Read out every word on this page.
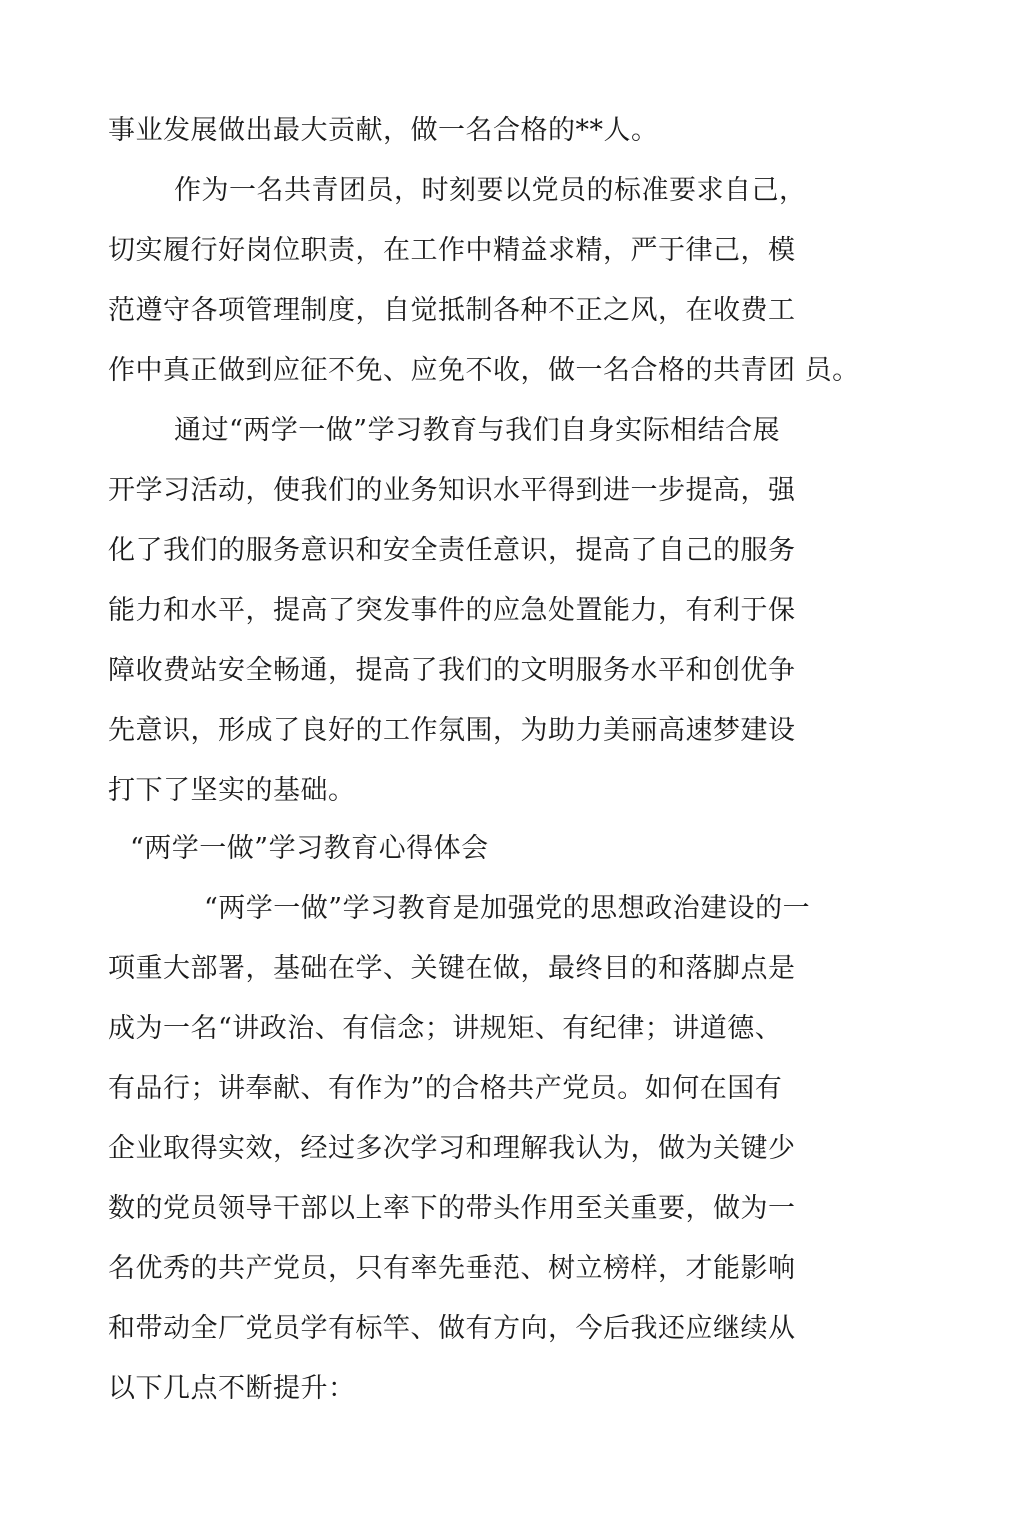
事业发展做出最大贡献，做一名合格的**人。
作为一名共青团员，时刻要以党员的标准要求自己，
切实履行好岗位职责，在工作中精益求精，严于律己，模
范遵守各项管理制度，自觉抵制各种不正之风，在收费工
作中真正做到应征不免、应免不收，做一名合格的共青团 员。
通过“两学一做”学习教育与我们自身实际相结合展
开学习活动，使我们的业务知识水平得到进一步提高，强
化了我们的服务意识和安全责任意识，提高了自己的服务
能力和水平，提高了突发事件的应急处置能力，有利于保
障收费站安全畅通，提高了我们的文明服务水平和创优争
先意识，形成了良好的工作氛围，为助力美丽高速梦建设
打下了坚实的基础。
“两学一做”学习教育心得体会
“两学一做”学习教育是加强党的思想政治建设的一
项重大部署，基础在学、关键在做，最终目的和落脚点是
成为一名“讲政治、有信念；讲规矩、有纪律；讲道德、
有品行；讲奉献、有作为”的合格共产党员。如何在国有
企业取得实效，经过多次学习和理解我认为，做为关键少
数的党员领导干部以上率下的带头作用至关重要，做为一
名优秀的共产党员，只有率先垂范、树立榜样，才能影响
和带动全厂党员学有标竿、做有方向，今后我还应继续从
以下几点不断提升：
